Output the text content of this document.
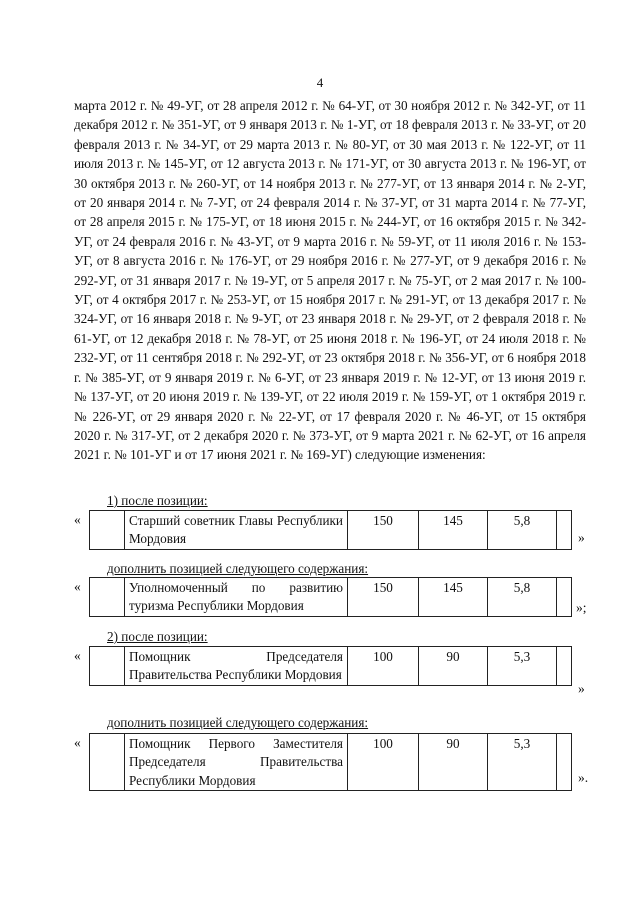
4
марта 2012 г. № 49-УГ, от 28 апреля 2012 г. № 64-УГ, от 30 ноября 2012 г. № 342-УГ, от 11 декабря 2012 г. № 351-УГ, от 9 января 2013 г. № 1-УГ, от 18 февраля 2013 г. № 33-УГ, от 20 февраля 2013 г. № 34-УГ, от 29 марта 2013 г. № 80-УГ, от 30 мая 2013 г. № 122-УГ, от 11 июля 2013 г. № 145-УГ, от 12 августа 2013 г. № 171-УГ, от 30 августа 2013 г. № 196-УГ, от 30 октября 2013 г. № 260-УГ, от 14 ноября 2013 г. № 277-УГ, от 13 января 2014 г. № 2-УГ, от 20 января 2014 г. № 7-УГ, от 24 февраля 2014 г. № 37-УГ, от 31 марта 2014 г. № 77-УГ, от 28 апреля 2015 г. № 175-УГ, от 18 июня 2015 г. № 244-УГ, от 16 октября 2015 г. № 342-УГ, от 24 февраля 2016 г. № 43-УГ, от 9 марта 2016 г. № 59-УГ, от 11 июля 2016 г. № 153-УГ, от 8 августа 2016 г. № 176-УГ, от 29 ноября 2016 г. № 277-УГ, от 9 декабря 2016 г. № 292-УГ, от 31 января 2017 г. № 19-УГ, от 5 апреля 2017 г. № 75-УГ, от 2 мая 2017 г. № 100-УГ, от 4 октября 2017 г. № 253-УГ, от 15 ноября 2017 г. № 291-УГ, от 13 декабря 2017 г. № 324-УГ, от 16 января 2018 г. № 9-УГ, от 23 января 2018 г. № 29-УГ, от 2 февраля 2018 г. № 61-УГ, от 12 декабря 2018 г. № 78-УГ, от 25 июня 2018 г. № 196-УГ, от 24 июля 2018 г. № 232-УГ, от 11 сентября 2018 г. № 292-УГ, от 23 октября 2018 г. № 356-УГ, от 6 ноября 2018 г. № 385-УГ, от 9 января 2019 г. № 6-УГ, от 23 января 2019 г. № 12-УГ, от 13 июня 2019 г. № 137-УГ, от 20 июня 2019 г. № 139-УГ, от 22 июля 2019 г. № 159-УГ, от 1 октября 2019 г. № 226-УГ, от 29 января 2020 г. № 22-УГ, от 17 февраля 2020 г. № 46-УГ, от 15 октября 2020 г. № 317-УГ, от 2 декабря 2020 г. № 373-УГ, от 9 марта 2021 г. № 62-УГ, от 16 апреля 2021 г. № 101-УГ и от 17 июня 2021 г. № 169-УГ) следующие изменения:
1) после позиции:
«
		Старший советник Главы Республики Мордовия	150	145	5,8	
»
дополнить позицией следующего содержания:
«
		Уполномоченный по развитию туризма Республики Мордовия	150	145	5,8	
»;
2) после позиции:
«
		Помощник Председателя Правительства Республики Мордовия	100	90	5,3	
»
дополнить позицией следующего содержания:
«
		Помощник Первого Заместителя Председателя Правительства Республики Мордовия	100	90	5,3	
».
